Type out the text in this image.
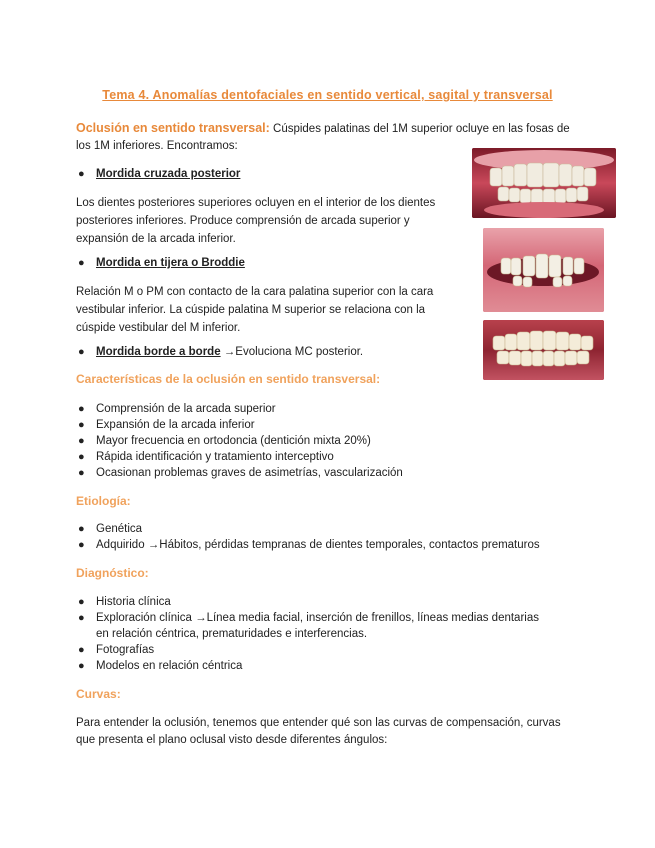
Tema 4. Anomalías dentofaciales en sentido vertical, sagital y transversal
Oclusión en sentido transversal: Cúspides palatinas del 1M superior ocluye en las fosas de
los 1M inferiores. Encontramos:
● Mordida cruzada posterior
Los dientes posteriores superiores ocluyen en el interior de los dientes
posteriores inferiores. Produce comprensión de arcada superior y
expansión de la arcada inferior.
● Mordida en tijera o Broddie
Relación M o PM con contacto de la cara palatina superior con la cara
vestibular inferior. La cúspide palatina M superior se relaciona con la
cúspide vestibular del M inferior.
● Mordida borde a borde →Evoluciona MC posterior.
Características de la oclusión en sentido transversal:
● Comprensión de la arcada superior
● Expansión de la arcada inferior
● Mayor frecuencia en ortodoncia (dentición mixta 20%)
● Rápida identificación y tratamiento interceptivo
● Ocasionan problemas graves de asimetrías, vascularización
Etiología:
● Genética
● Adquirido →Hábitos, pérdidas tempranas de dientes temporales, contactos prematuros
Diagnóstico:
● Historia clínica
● Exploración clínica →Línea media facial, inserción de frenillos, líneas medias dentarias
en relación céntrica, prematuridades e interferencias.
● Fotografías
● Modelos en relación céntrica
Curvas:
Para entender la oclusión, tenemos que entender qué son las curvas de compensación, curvas
que presenta el plano oclusal visto desde diferentes ángulos:
